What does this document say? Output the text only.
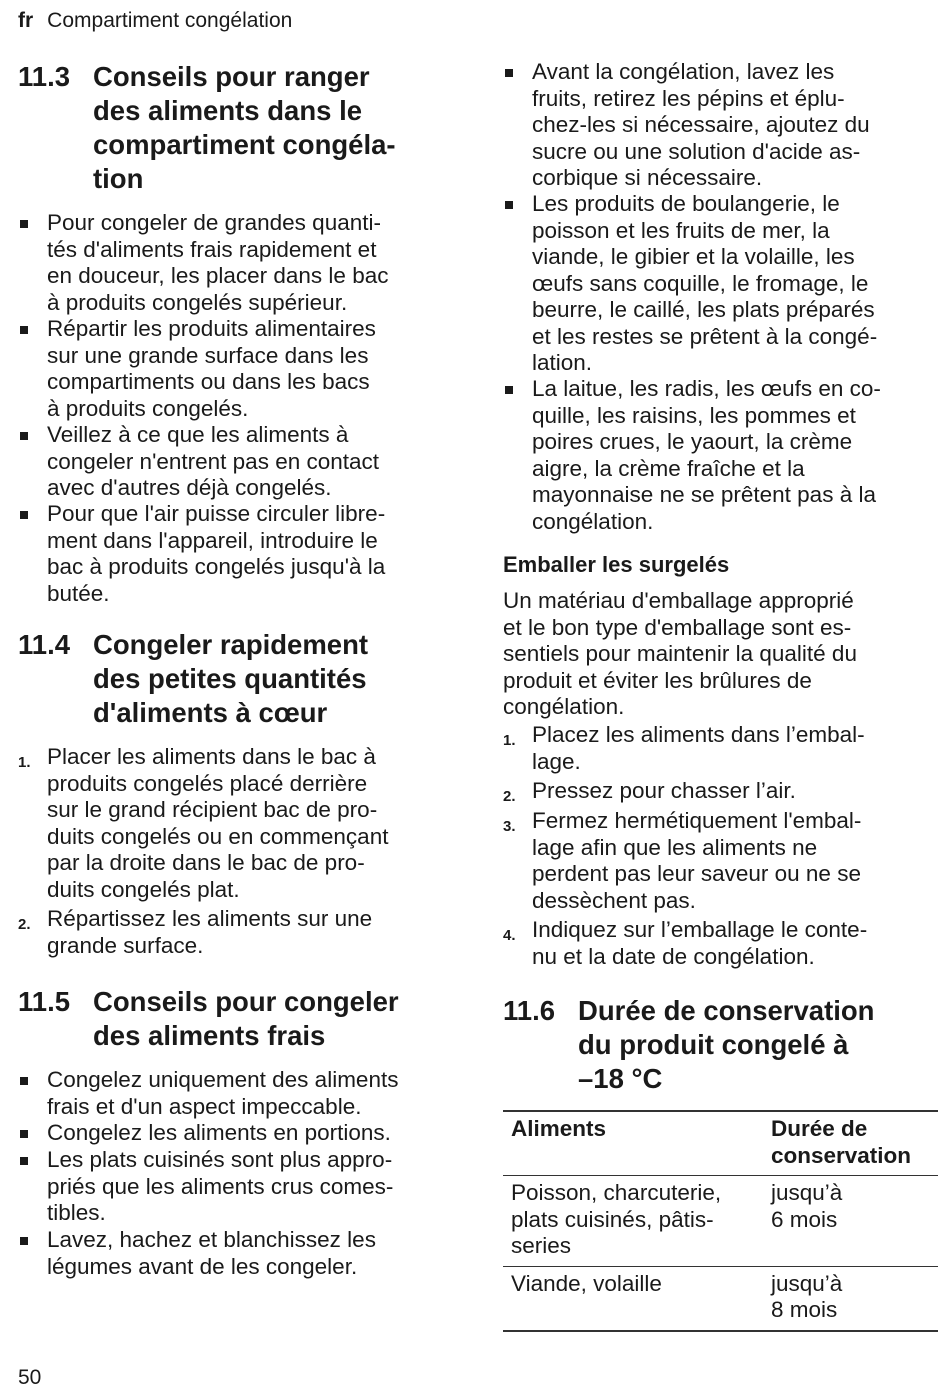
fr Compartiment congélation
11.3 Conseils pour ranger
des aliments dans le
compartiment congéla-
tion
Pour congeler de grandes quanti-
tés d'aliments frais rapidement et
en douceur, les placer dans le bac
à produits congelés supérieur.
Répartir les produits alimentaires
sur une grande surface dans les
compartiments ou dans les bacs
à produits congelés.
Veillez à ce que les aliments à
congeler n'entrent pas en contact
avec d'autres déjà congelés.
Pour que l'air puisse circuler libre-
ment dans l'appareil, introduire le
bac à produits congelés jusqu'à la
butée.
11.4 Congeler rapidement
des petites quantités
d'aliments à cœur
1. Placer les aliments dans le bac à
produits congelés placé derrière
sur le grand récipient bac de pro-
duits congelés ou en commençant
par la droite dans le bac de pro-
duits congelés plat.
2. Répartissez les aliments sur une
grande surface.
11.5 Conseils pour congeler
des aliments frais
Congelez uniquement des aliments
frais et d'un aspect impeccable.
Congelez les aliments en portions.
Les plats cuisinés sont plus appro-
priés que les aliments crus comes-
tibles.
Lavez, hachez et blanchissez les
légumes avant de les congeler.
Avant la congélation, lavez les
fruits, retirez les pépins et éplu-
chez-les si nécessaire, ajoutez du
sucre ou une solution d'acide as-
corbique si nécessaire.
Les produits de boulangerie, le
poisson et les fruits de mer, la
viande, le gibier et la volaille, les
œufs sans coquille, le fromage, le
beurre, le caillé, les plats préparés
et les restes se prêtent à la congé-
lation.
La laitue, les radis, les œufs en co-
quille, les raisins, les pommes et
poires crues, le yaourt, la crème
aigre, la crème fraîche et la
mayonnaise ne se prêtent pas à la
congélation.
Emballer les surgelés
Un matériau d'emballage approprié
et le bon type d'emballage sont es-
sentiels pour maintenir la qualité du
produit et éviter les brûlures de
congélation.
1. Placez les aliments dans l’embal-
lage.
2. Pressez pour chasser l’air.
3. Fermez hermétiquement l'embal-
lage afin que les aliments ne
perdent pas leur saveur ou ne se
dessèchent pas.
4. Indiquez sur l’emballage le conte-
nu et la date de congélation.
11.6 Durée de conservation
du produit congelé à
–18 °C
Aliments	Durée de
conservation

Poisson, charcuterie,
plats cuisinés, pâtis-
series	jusqu’à
6 mois

Viande, volaille	jusqu’à
8 mois
50
